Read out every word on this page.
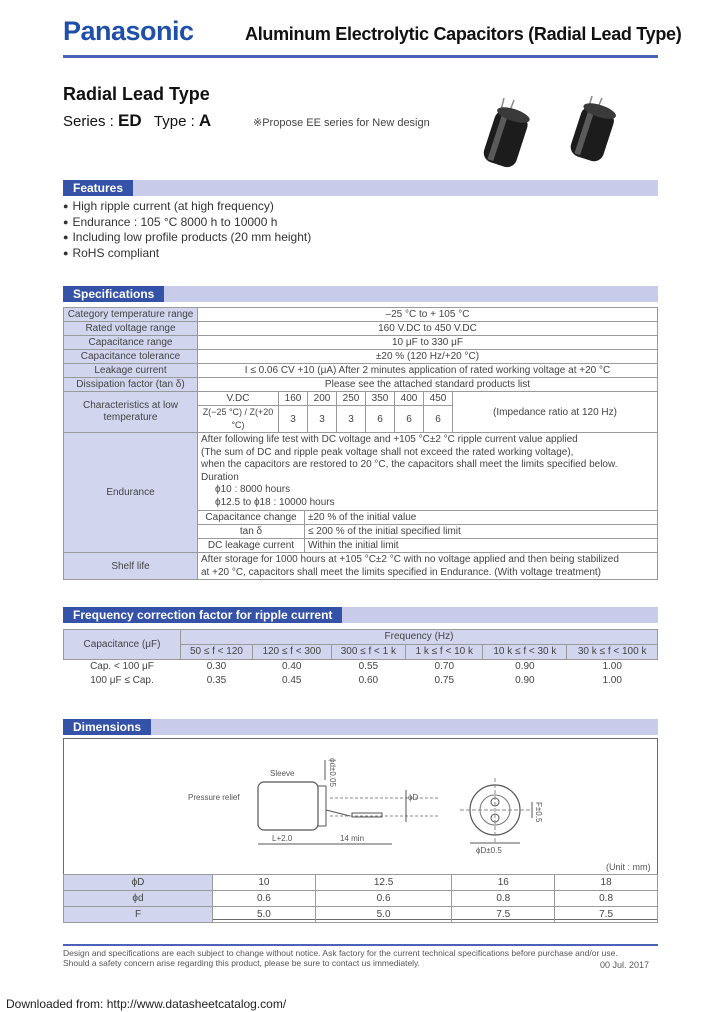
Panasonic	Aluminum Electrolytic Capacitors (Radial Lead Type)
Radial Lead Type
Series : ED Type : A	※Propose EE series for New design
Features
● High ripple current (at high frequency)
● Endurance : 105 °C 8000 h to 10000 h
● Including low profile products (20 mm height)
● RoHS compliant
Specifications
Category temperature range	–25 °C to + 105 °C
Rated voltage range	160 V.DC to 450 V.DC
Capacitance range	10 μF to 330 μF
Capacitance tolerance	±20 % (120 Hz/+20 °C)
Leakage current	I ≤ 0.06 CV +10 (μA) After 2 minutes application of rated working voltage at +20 °C
Dissipation factor (tan δ)	Please see the attached standard products list
Characteristics at low temperature	V.DC	160	200	250	350	400	450	(Impedance ratio at 120 Hz)
Z(−25 °C) / Z(+20 °C)	3	3	3	6	6	6
Endurance	
After following life test with DC voltage and +105 °C±2 °C ripple current value applied
(The sum of DC and ripple peak voltage shall not exceed the rated working voltage),
when the capacitors are restored to 20 °C, the capacitors shall meet the limits specified below.
Duration
ϕ10 : 8000 hours
ϕ12.5 to ϕ18 : 10000 hours
Capacitance change	±20 % of the initial value
tan δ	≤ 200 % of the initial specified limit
DC leakage current	Within the initial limit

Shelf life	
After storage for 1000 hours at +105 °C±2 °C with no voltage applied and then being stabilized
at +20 °C, capacitors shall meet the limits specified in Endurance. (With voltage treatment)
Frequency correction factor for ripple current
Capacitance (μF)	Frequency (Hz)					
	50 ≤ f < 120	120 ≤ f < 300	300 ≤ f < 1 k	1 k ≤ f < 10 k	10 k ≤ f < 30 k	30 k ≤ f < 100 k
Cap. < 100 μF	0.30	0.40	0.55	0.70	0.90	1.00
100 μF ≤ Cap.	0.35	0.45	0.60	0.75	0.90	1.00
Dimensions
Sleeve
Pressure relief
ϕd±0.05
L+2.0	14 min
ϕD
ϕD±0.5
F±0.5
(Unit : mm)
ϕD	10	12.5	16	18
ϕd	0.6	0.6	0.8	0.8
F	5.0	5.0	7.5	7.5
Design and specifications are each subject to change without notice. Ask factory for the current technical specifications before purchase and/or use.
Should a safety concern arise regarding this product, please be sure to contact us immediately.	00 Jul. 2017
Downloaded from: http://www.datasheetcatalog.com/
